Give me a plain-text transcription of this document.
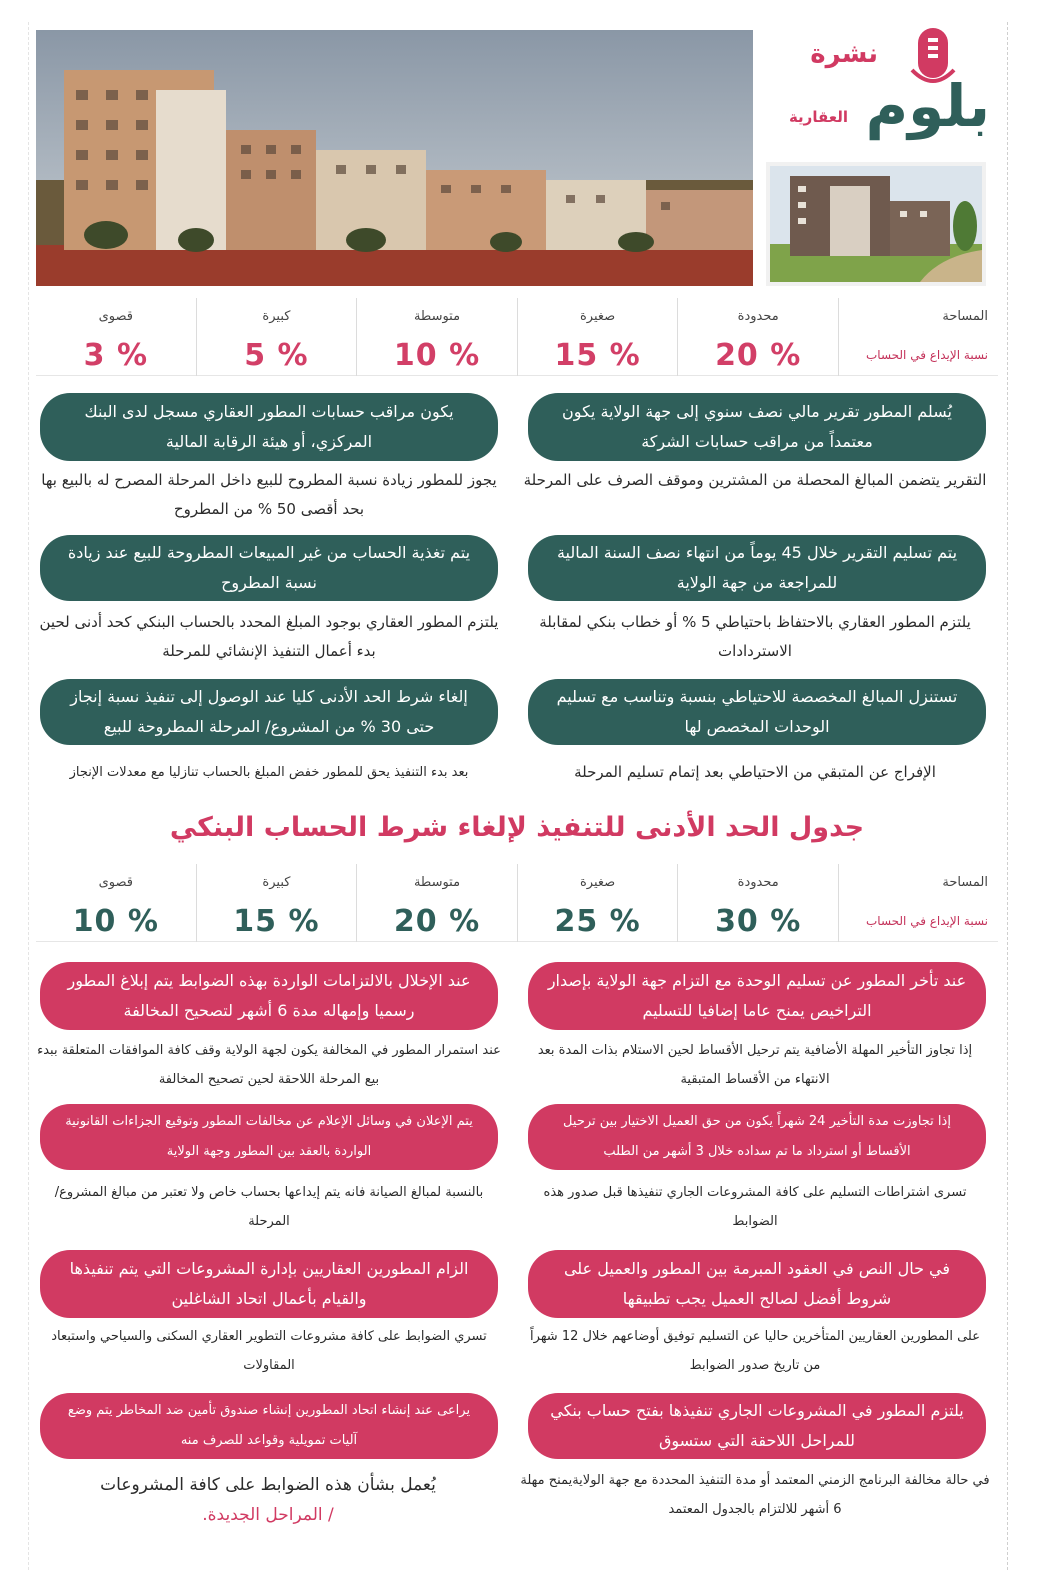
بلوم
نشرة
العقارية
المساحة
محدودة
صغيرة
متوسطة
كبيرة
قصوى
نسبة الإيداع في الحساب
20 %
15 %
10 %
5 %
3 %
يُسلم المطور تقرير مالي نصف سنوي إلى جهة الولاية يكون معتمداً من مراقب حسابات الشركة
التقرير يتضمن المبالغ المحصلة من المشترين وموقف الصرف على المرحلة
يتم تسليم التقرير خلال 45 يوماً من انتهاء نصف السنة المالية للمراجعة من جهة الولاية
يلتزم المطور العقاري بالاحتفاظ باحتياطي 5 % أو خطاب بنكي لمقابلة الاستردادات
تستنزل المبالغ المخصصة للاحتياطي بنسبة وتناسب مع تسليم الوحدات المخصص لها
الإفراج عن المتبقي من الاحتياطي بعد إتمام تسليم المرحلة
يكون مراقب حسابات المطور العقاري مسجل لدى البنك المركزي، أو هيئة الرقابة المالية
يجوز للمطور زيادة نسبة المطروح للبيع داخل المرحلة المصرح له بالبيع بها بحد أقصى 50 % من المطروح
يتم تغذية الحساب من غير المبيعات المطروحة للبيع عند زيادة نسبة المطروح
يلتزم المطور العقاري بوجود المبلغ المحدد بالحساب البنكي كحد أدنى لحين بدء أعمال التنفيذ الإنشائي للمرحلة
إلغاء شرط الحد الأدنى كليا عند الوصول إلى تنفيذ نسبة إنجاز حتى 30 % من المشروع/ المرحلة المطروحة للبيع
بعد بدء التنفيذ يحق للمطور خفض المبلغ بالحساب تنازليا مع معدلات الإنجاز
جدول الحد الأدنى للتنفيذ لإلغاء شرط الحساب البنكي
المساحة
محدودة
صغيرة
متوسطة
كبيرة
قصوى
نسبة الإيداع في الحساب
30 %
25 %
20 %
15 %
10 %
عند تأخر المطور عن تسليم الوحدة مع التزام جهة الولاية بإصدار التراخيص يمنح عاما إضافيا للتسليم
إذا تجاوز التأخير المهلة الأضافية يتم ترحيل الأقساط لحين الاستلام بذات المدة بعد الانتهاء من الأقساط المتبقية
إذا تجاوزت مدة التأخير 24 شهراً يكون من حق العميل الاختيار بين ترحيل الأقساط أو استرداد ما تم سداده خلال 3 أشهر من الطلب
تسرى اشتراطات التسليم على كافة المشروعات الجاري تنفيذها قبل صدور هذه الضوابط
في حال النص في العقود المبرمة بين المطور والعميل على شروط أفضل لصالح العميل يجب تطبيقها
على المطورين العقاريين المتأخرين حاليا عن التسليم توفيق أوضاعهم خلال 12 شهراً من تاريخ صدور الضوابط
يلتزم المطور في المشروعات الجاري تنفيذها بفتح حساب بنكي للمراحل اللاحقة التي ستسوق
في حالة مخالفة البرنامج الزمني المعتمد أو مدة التنفيذ المحددة مع جهة الولايةيمنح مهلة 6 أشهر للالتزام بالجدول المعتمد
عند الإخلال بالالتزامات الواردة بهذه الضوابط يتم إبلاغ المطور رسميا وإمهاله مدة 6 أشهر لتصحيح المخالفة
عند استمرار المطور في المخالفة يكون لجهة الولاية وقف كافة الموافقات المتعلقة ببدء بيع المرحلة اللاحقة لحين تصحيح المخالفة
يتم الإعلان في وسائل الإعلام عن مخالفات المطور وتوقيع الجزاءات القانونية الواردة بالعقد بين المطور وجهة الولاية
بالنسبة لمبالغ الصيانة فانه يتم إيداعها بحساب خاص ولا تعتبر من مبالغ المشروع/ المرحلة
الزام المطورين العقاريين بإدارة المشروعات التي يتم تنفيذها والقيام بأعمال اتحاد الشاغلين
تسري الضوابط على كافة مشروعات التطوير العقاري السكنى والسياحي واستبعاد المقاولات
يراعى عند إنشاء اتحاد المطورين إنشاء صندوق تأمين ضد المخاطر يتم وضع آليات تمويلية وقواعد للصرف منه
يُعمل بشأن هذه الضوابط على كافة المشروعات
/ المراحل الجديدة.
